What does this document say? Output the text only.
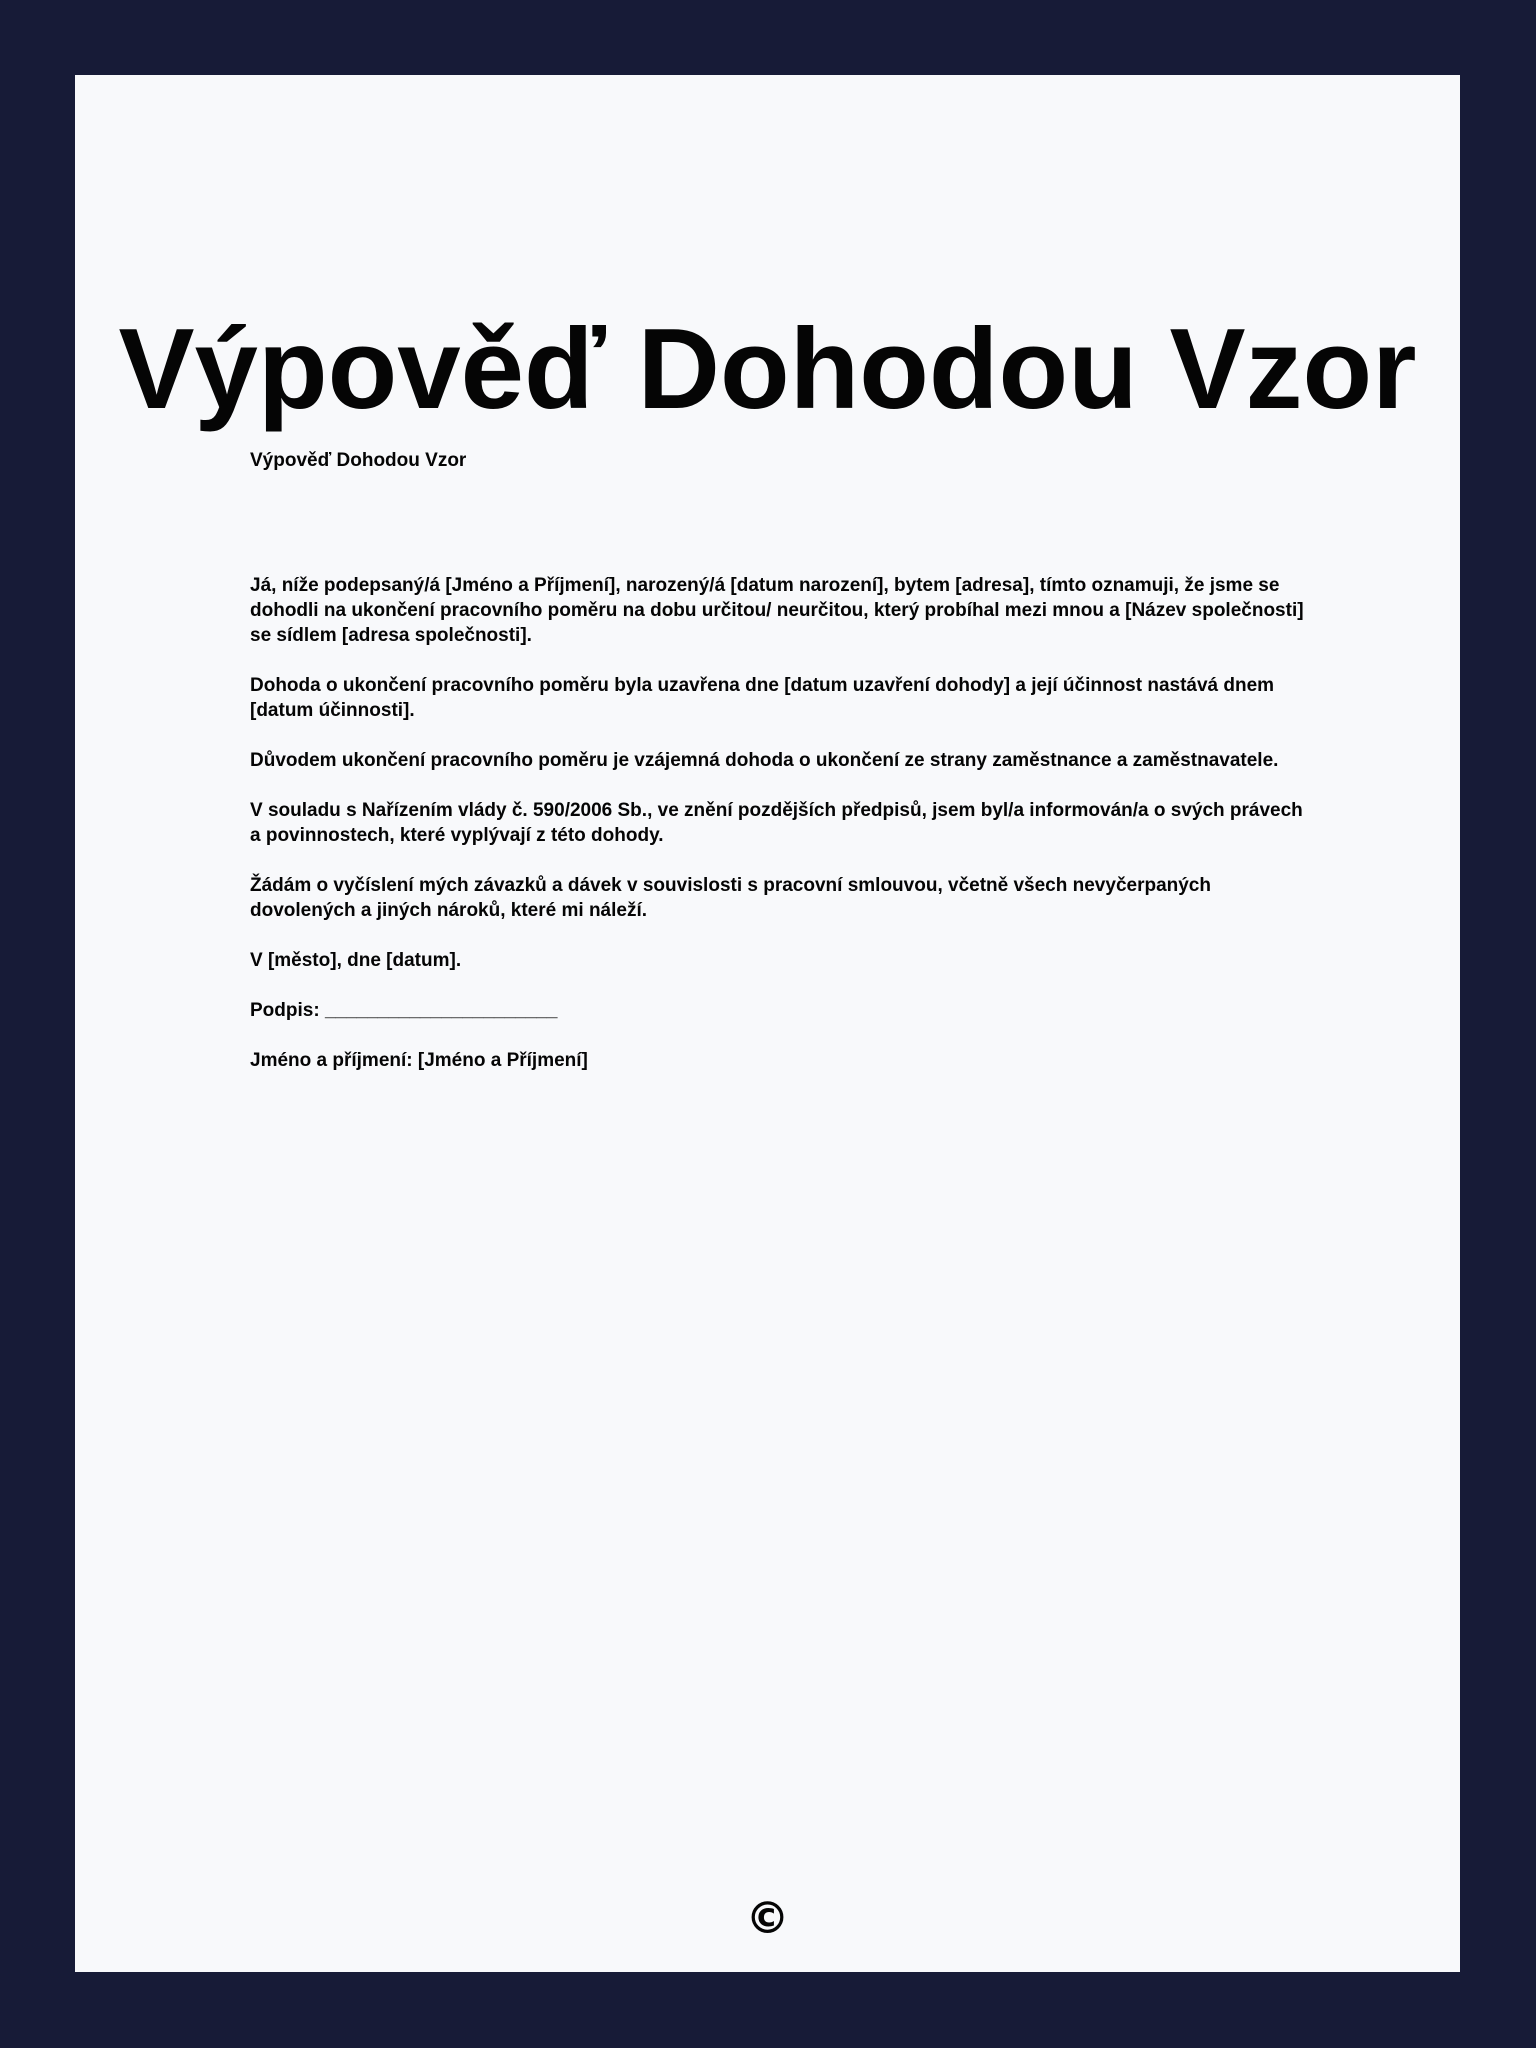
Výpověď Dohodou Vzor

Výpověď Dohodou Vzor

Já, níže podepsaný/á [Jméno a Příjmení], narozený/á [datum narození], bytem [adresa], tímto oznamuji, že jsme se dohodli na ukončení pracovního poměru na dobu určitou/ neurčitou, který probíhal mezi mnou a [Název společnosti] se sídlem [adresa společnosti].

Dohoda o ukončení pracovního poměru byla uzavřena dne [datum uzavření dohody] a její účinnost nastává dnem [datum účinnosti].

Důvodem ukončení pracovního poměru je vzájemná dohoda o ukončení ze strany zaměstnance a zaměstnavatele.

V souladu s Nařízením vlády č. 590/2006 Sb., ve znění pozdějších předpisů, jsem byl/a informován/a o svých právech a povinnostech, které vyplývají z této dohody.

Žádám o vyčíslení mých závazků a dávek v souvislosti s pracovní smlouvou, včetně všech nevyčerpaných dovolených a jiných nároků, které mi náleží.

V [město], dne [datum].

Podpis: ______________________

Jméno a příjmení: [Jméno a Příjmení]

©
